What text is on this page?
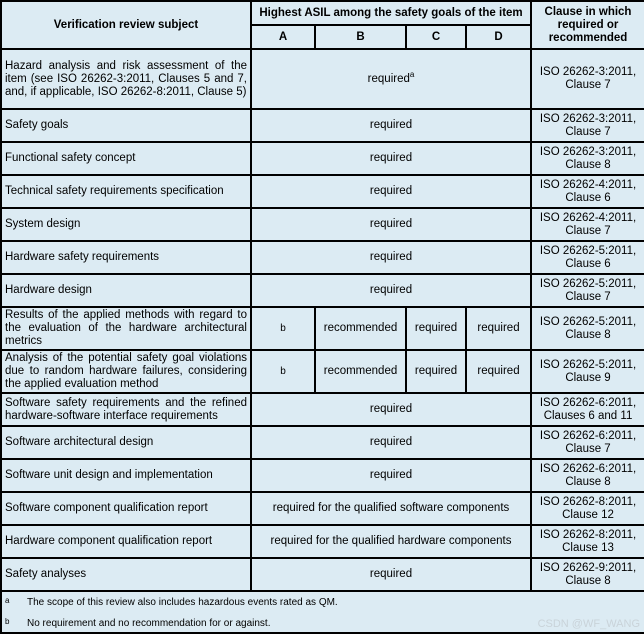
Verification review subject	Highest ASIL among the safety goals of the item				Clause in which required or recommended
	A	B	C	D	
Hazard analysis and risk assessment of the item (see ISO 26262-3:2011, Clauses 5 and 7, and, if applicable, ISO 26262-8:2011, Clause 5)	required$^a$				ISO 26262-3:2011, Clause 7
Safety goals	required				ISO 26262-3:2011, Clause 7
Functional safety concept	required				ISO 26262-3:2011, Clause 8
Technical safety requirements specification	required				ISO 26262-4:2011, Clause 6
System design	required				ISO 26262-4:2011, Clause 7
Hardware safety requirements	required				ISO 26262-5:2011, Clause 6
Hardware design	required				ISO 26262-5:2011, Clause 7
Results of the applied methods with regard to the evaluation of the hardware architectural metrics	b	recommended	required	required	ISO 26262-5:2011, Clause 8
Analysis of the potential safety goal violations due to random hardware failures, considering the applied evaluation method	b	recommended	required	required	ISO 26262-5:2011, Clause 9
Software safety requirements and the refined hardware-software interface requirements	required				ISO 26262-6:2011, Clauses 6 and 11
Software architectural design	required				ISO 26262-6:2011, Clause 7
Software unit design and implementation	required				ISO 26262-6:2011, Clause 8
Software component qualification report	required for the qualified software components				ISO 26262-8:2011, Clause 12
Hardware component qualification report	required for the qualified hardware components				ISO 26262-8:2011, Clause 13
Safety analyses	required				ISO 26262-9:2011, Clause 8

a The scope of this review also includes hazardous events rated as QM.
b No requirement and no recommendation for or against.						CSDN @WF_WANG
